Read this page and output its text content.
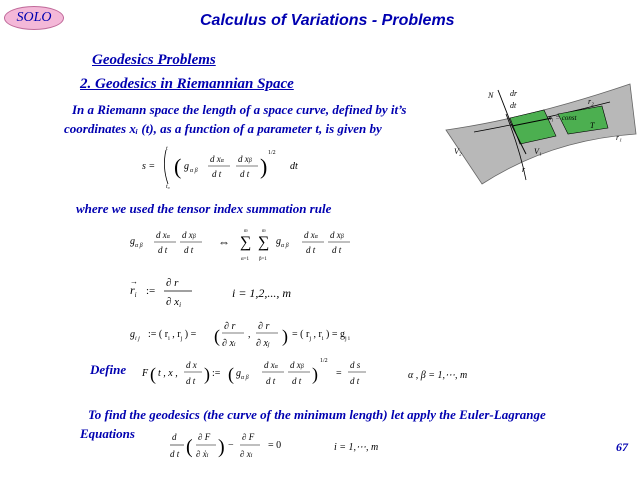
SOLO	Calculus of Variations - Problems
Geodesics Problems
2. Geodesics in Riemannian Space
In a Riemann space the length of a space curve, defined by it’s
coordinates xᵢ (t), as a function of a parameter t, is given by
N dr
dt
x₁ = const
r₂
T
r₁
V₂	V₁
r
s =
t
t₀
( g α β
d xα
d t
d xβ
d t )
1/2
dt
where we used the tensor index summation rule
$g_{\alpha \beta}$
d xα
d t
d xβ
d t
⇔ ∑ ∑
α=1 β=1
m	m
$g_{\alpha \beta}$
d xα
d t
d xβ
d t
$r_i$
→
:=
∂ r
∂ xi
i = 1,2,..., m
$g_{i j}$ := ( $r_i$ , $r_j$ ) = ( ∂ r
∂ xi
,
∂ r
∂ xj ) = ( $r_j$ , $r_i$ ) = $g_{j i}$
Define F ( t , x ,
d x
d t ) := ( $g_{\alpha \beta}$
d xα
d t
d xβ
d t )
1/2
=
d s
d t	α , β = 1,⋯, m
To find the geodesics (the curve of the minimum length) let apply the Euler-Lagrange
Equations	d
d t ( ∂ F
∂ ẋi ) −
∂ F
∂ xi
= 0	i = 1,⋯, m	67
